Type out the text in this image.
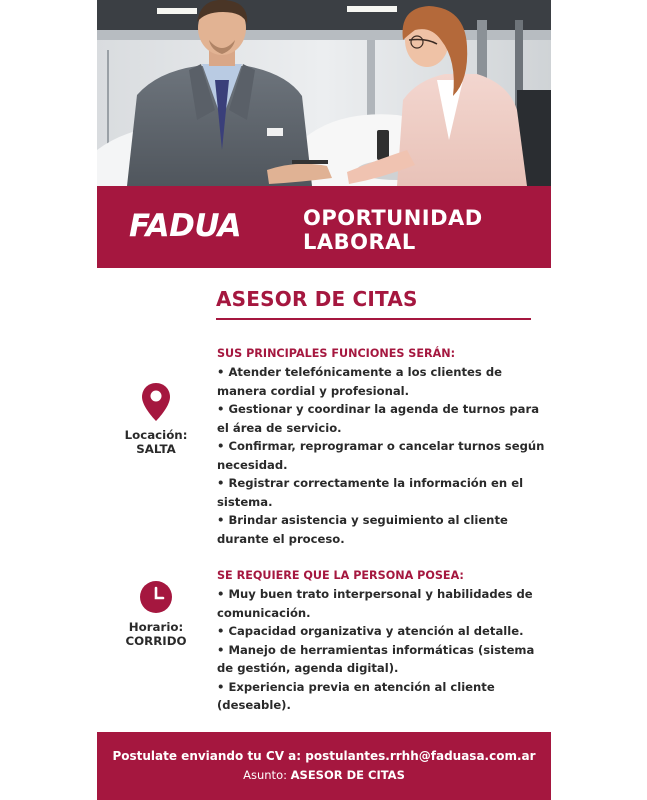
FADUA	OPORTUNIDAD
LABORAL
ASESOR DE CITAS
Locación:
SALTA
Horario:
CORRIDO
SUS PRINCIPALES FUNCIONES SERÁN:
• Atender telefónicamente a los clientes de manera cordial y profesional.
• Gestionar y coordinar la agenda de turnos para el área de servicio.
• Confirmar, reprogramar o cancelar turnos según necesidad.
• Registrar correctamente la información en el sistema.
• Brindar asistencia y seguimiento al cliente durante el proceso.
SE REQUIERE QUE LA PERSONA POSEA:
• Muy buen trato interpersonal y habilidades de comunicación.
• Capacidad organizativa y atención al detalle.
• Manejo de herramientas informáticas (sistema de gestión, agenda digital).
• Experiencia previa en atención al cliente (deseable).
Postulate enviando tu CV a: postulantes.rrhh@faduasa.com.ar
Asunto: ASESOR DE CITAS
